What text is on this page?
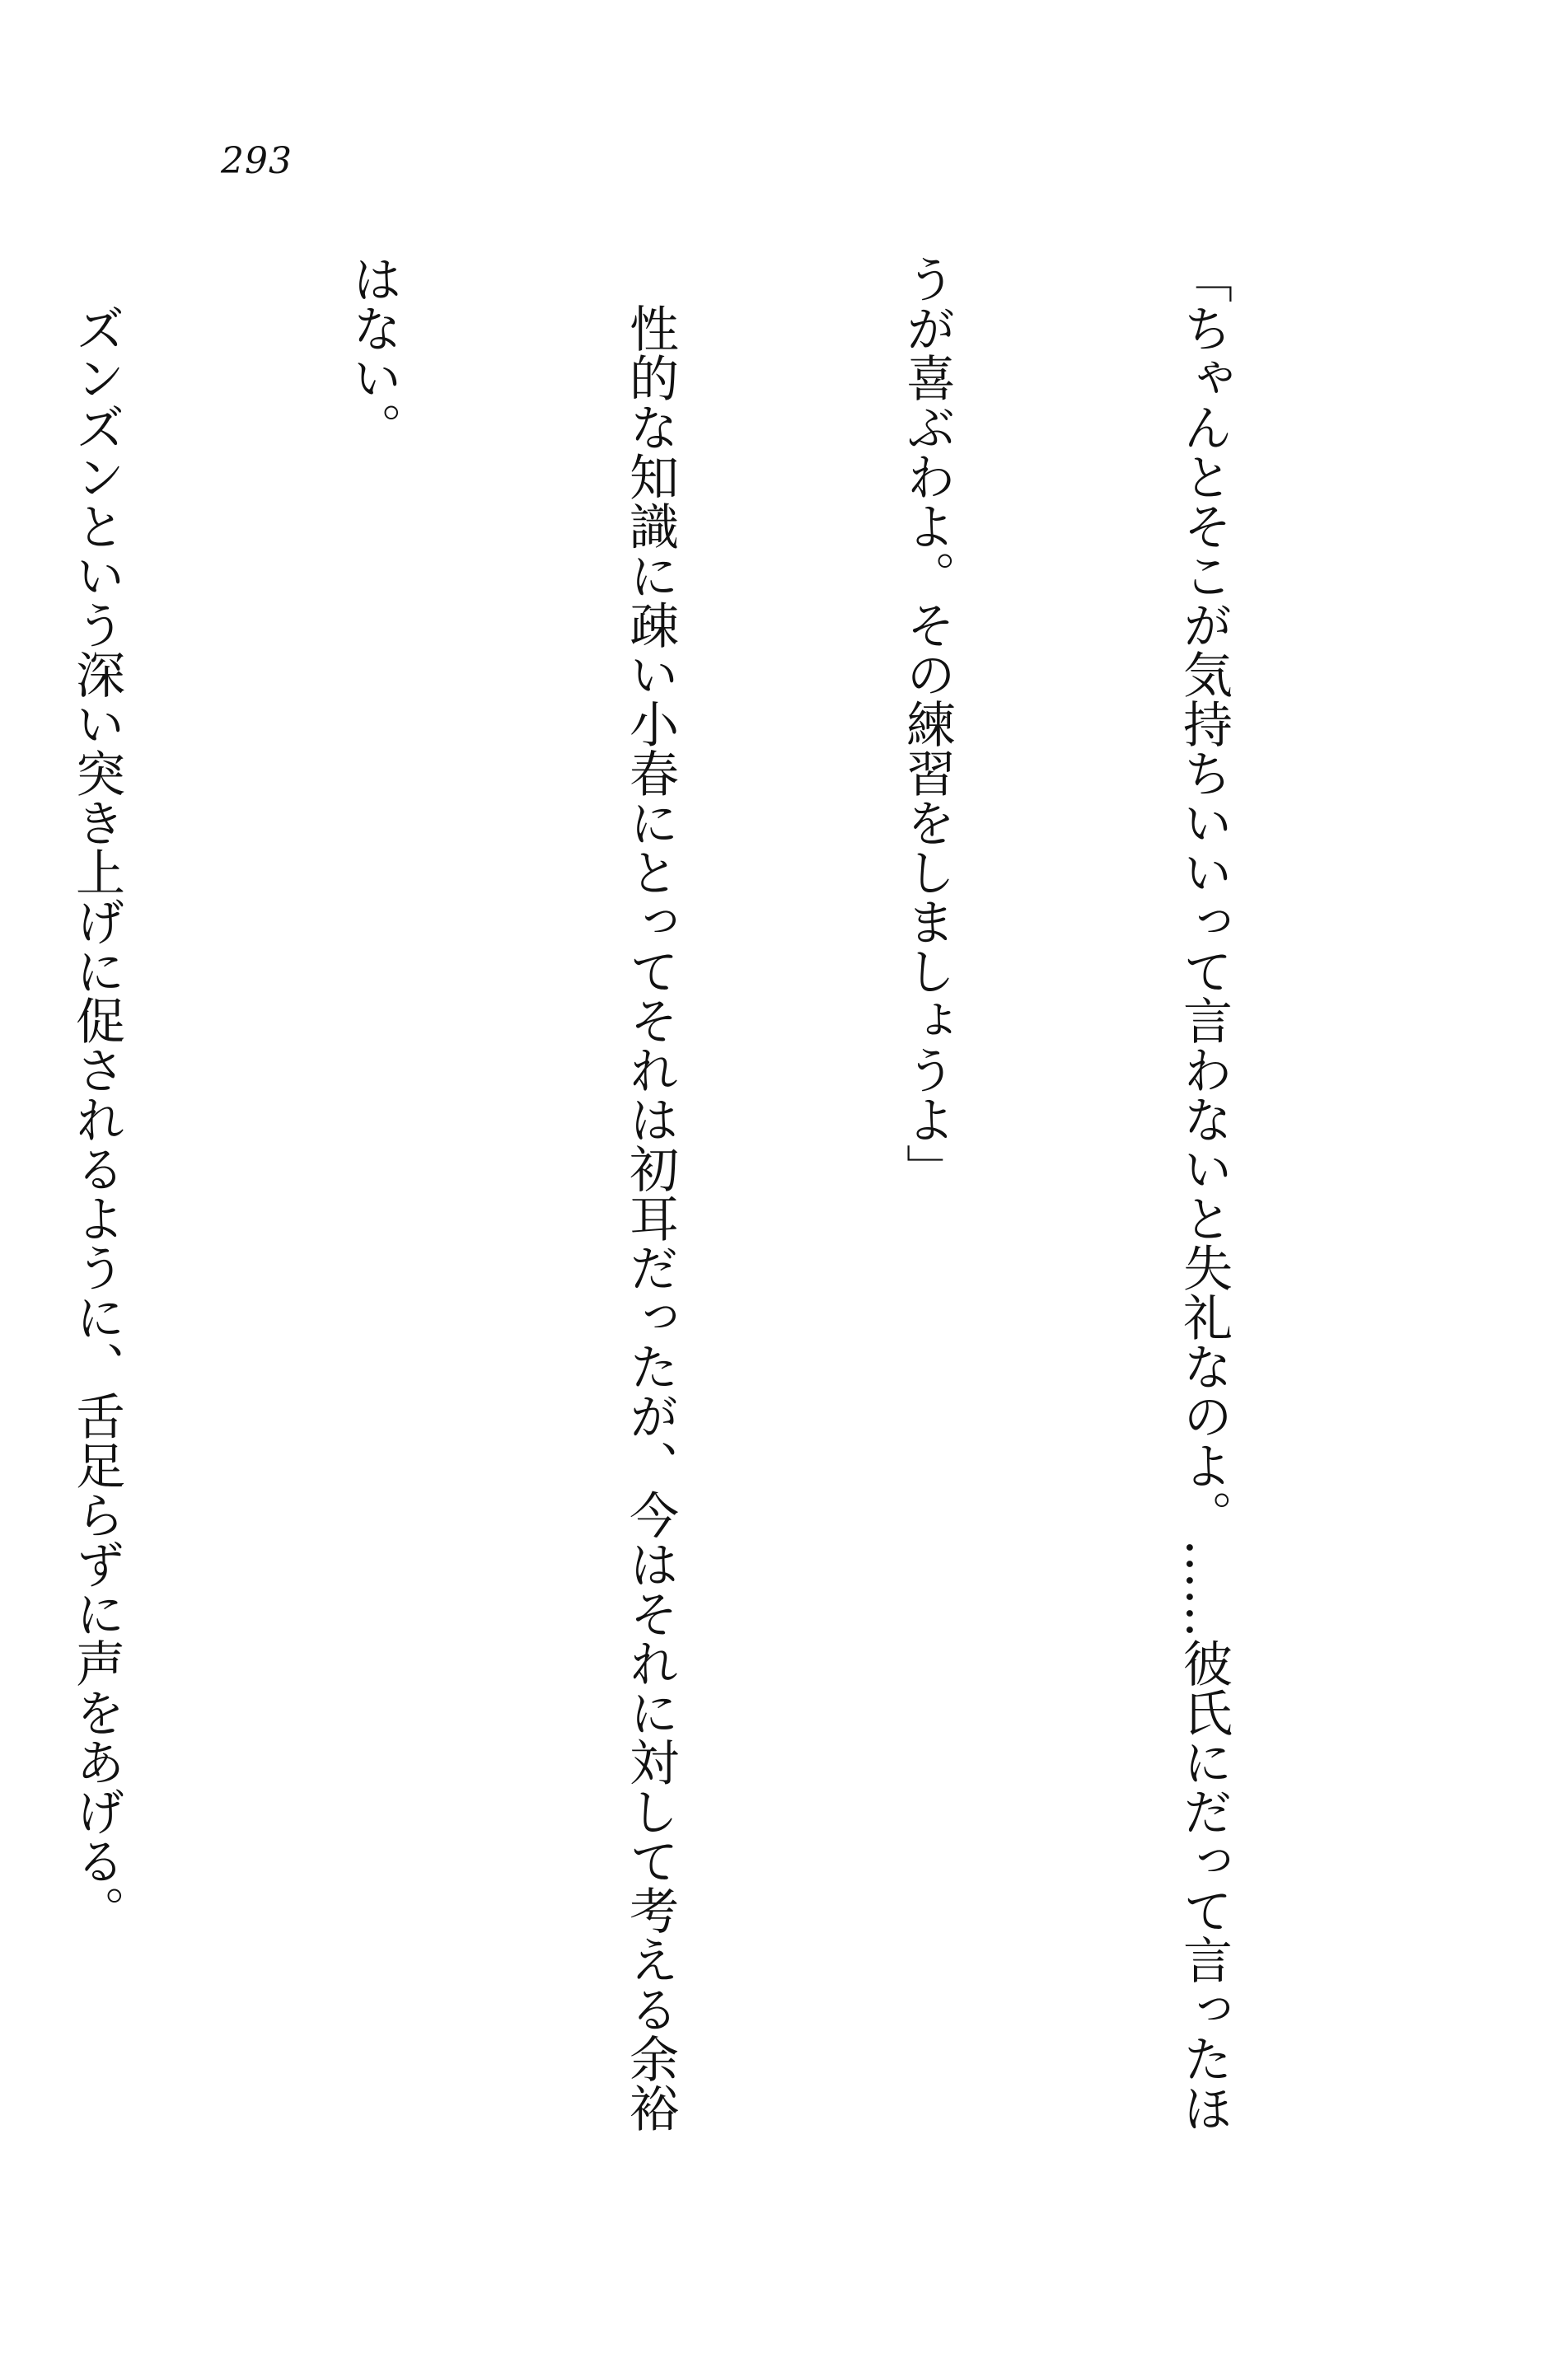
293

「ちゃんとそこが気持ちいいって言わないと失礼なのよ。……彼氏にだって言ったほ

うが喜ぶわよ。その練習をしましょうよ」

　性的な知識に疎い小春にとってそれは初耳だったが、今はそれに対して考える余裕

はない。

　ズンズンという深い突き上げに促されるように、舌足らずに声をあげる。
